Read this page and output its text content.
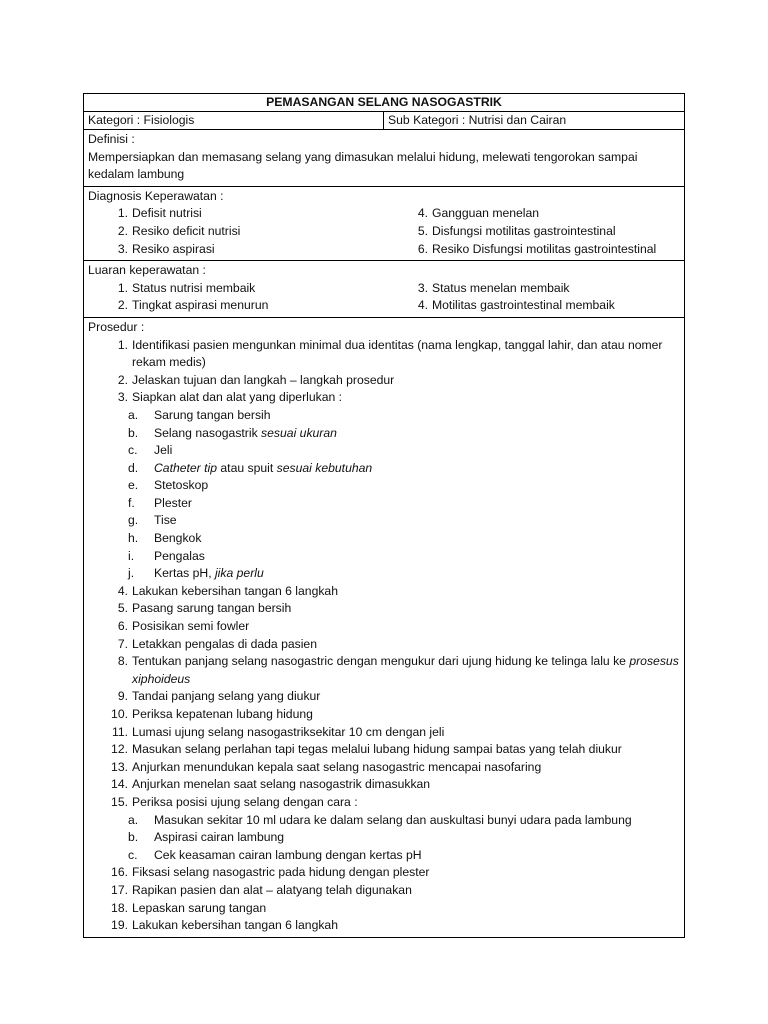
PEMASANGAN SELANG NASOGASTRIK
Kategori : Fisiologis	Sub Kategori : Nutrisi dan Cairan
Definisi :
Mempersiapkan dan memasang selang yang dimasukan melalui hidung, melewati tengorokan sampai kedalam lambung
Diagnosis Keperawatan :
1. Defisit nutrisi
2. Resiko deficit nutrisi
3. Resiko aspirasi
4. Gangguan menelan
5. Disfungsi motilitas gastrointestinal
6. Resiko Disfungsi motilitas gastrointestinal
Luaran keperawatan :
1. Status nutrisi membaik
2. Tingkat aspirasi menurun
3. Status menelan membaik
4. Motilitas gastrointestinal membaik
Prosedur :
1. Identifikasi pasien mengunkan minimal dua identitas (nama lengkap, tanggal lahir, dan atau nomer rekam medis)
2. Jelaskan tujuan dan langkah – langkah prosedur
3. Siapkan alat dan alat yang diperlukan :
a.	Sarung tangan bersih
b.	Selang nasogastrik sesuai ukuran
c.	Jeli
d.	Catheter tip atau spuit sesuai kebutuhan
e.	Stetoskop
f.	Plester
g.	Tise
h.	Bengkok
i.	Pengalas
j.	Kertas pH, jika perlu
4. Lakukan kebersihan tangan 6 langkah
5. Pasang sarung tangan bersih
6. Posisikan semi fowler
7. Letakkan pengalas di dada pasien
8. Tentukan panjang selang nasogastric dengan mengukur dari ujung hidung ke telinga lalu ke prosesus xiphoideus
9. Tandai panjang selang yang diukur
10. Periksa kepatenan lubang hidung
11. Lumasi ujung selang nasogastriksekitar 10 cm dengan jeli
12. Masukan selang perlahan tapi tegas melalui lubang hidung sampai batas yang telah diukur
13. Anjurkan menundukan kepala saat selang nasogastric mencapai nasofaring
14. Anjurkan menelan saat selang nasogastrik dimasukkan
15. Periksa posisi ujung selang dengan cara :
a.	Masukan sekitar 10 ml udara ke dalam selang dan auskultasi bunyi udara pada lambung
b.	Aspirasi cairan lambung
c.	Cek keasaman cairan lambung dengan kertas pH
16. Fiksasi selang nasogastric pada hidung dengan plester
17. Rapikan pasien dan alat – alatyang telah digunakan
18. Lepaskan sarung tangan
19. Lakukan kebersihan tangan 6 langkah
